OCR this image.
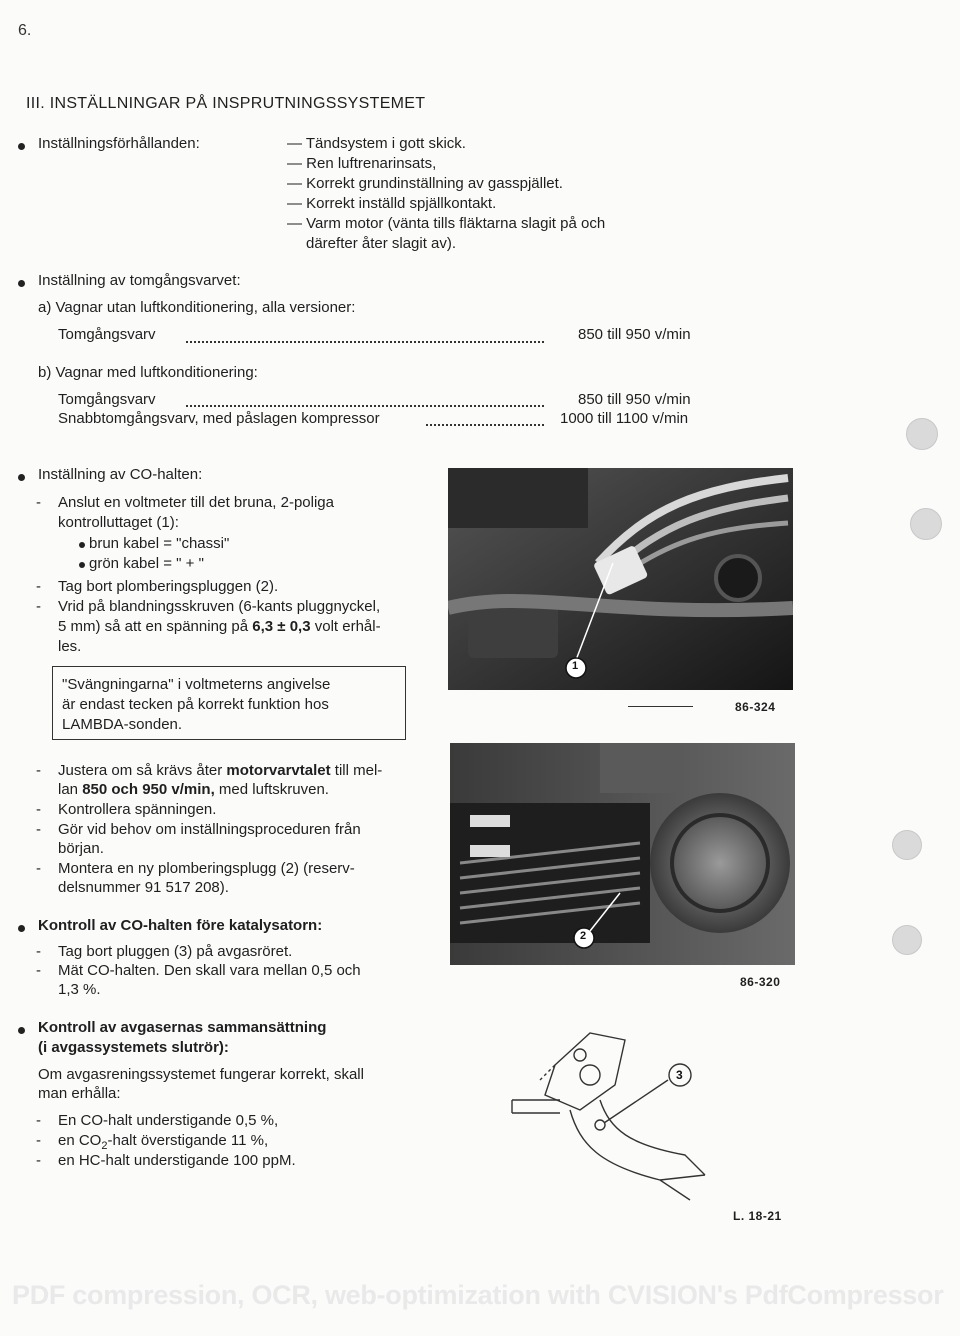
6.
III. INSTÄLLNINGAR PÅ INSPRUTNINGSSYSTEMET
Inställningsförhållanden:	— Tändsystem i gott skick.
— Ren luftrenarinsats,
— Korrekt grundinställning av gasspjället.
— Korrekt inställd spjällkontakt.
— Varm motor (vänta tills fläktarna slagit på och
därefter åter slagit av).
Inställning av tomgångsvarvet:
a) Vagnar utan luftkonditionering, alla versioner:
Tomgångsvarv	850 till 950 v/min
b) Vagnar med luftkonditionering:
Tomgångsvarv	850 till 950 v/min
Snabbtomgångsvarv, med påslagen kompressor	1000 till 1100 v/min
Inställning av CO-halten:
- Anslut en voltmeter till det bruna, 2-poliga
kontrolluttaget (1):
brun kabel = "chassi"
grön kabel = " + "
- Tag bort plomberingspluggen (2).
- Vrid på blandningsskruven (6-kants pluggnyckel,
5 mm) så att en spänning på 6,3 ± 0,3 volt erhål-
les.
"Svängningarna" i voltmeterns angivelse
är endast tecken på korrekt funktion hos
LAMBDA-sonden.
- Justera om så krävs åter motorvarvtalet till mel-
lan 850 och 950 v/min, med luftskruven.
- Kontrollera spänningen.
- Gör vid behov om inställningsproceduren från
början.
- Montera en ny plomberingsplugg (2) (reserv-
delsnummer 91 517 208).
Kontroll av CO-halten före katalysatorn:
- Tag bort pluggen (3) på avgasröret.
- Mät CO-halten. Den skall vara mellan 0,5 och
1,3 %.
Kontroll av avgasernas sammansättning
(i avgassystemets slutrör):
Om avgasreningssystemet fungerar korrekt, skall
man erhålla:
- En CO-halt understigande 0,5 %,
- en $CO_2$-halt överstigande 11 %,
- en HC-halt understigande 100 ppM.
1
86-324
2
86-320
3
L. 18-21
PDF compression, OCR, web-optimization with CVISION's PdfCompressor
